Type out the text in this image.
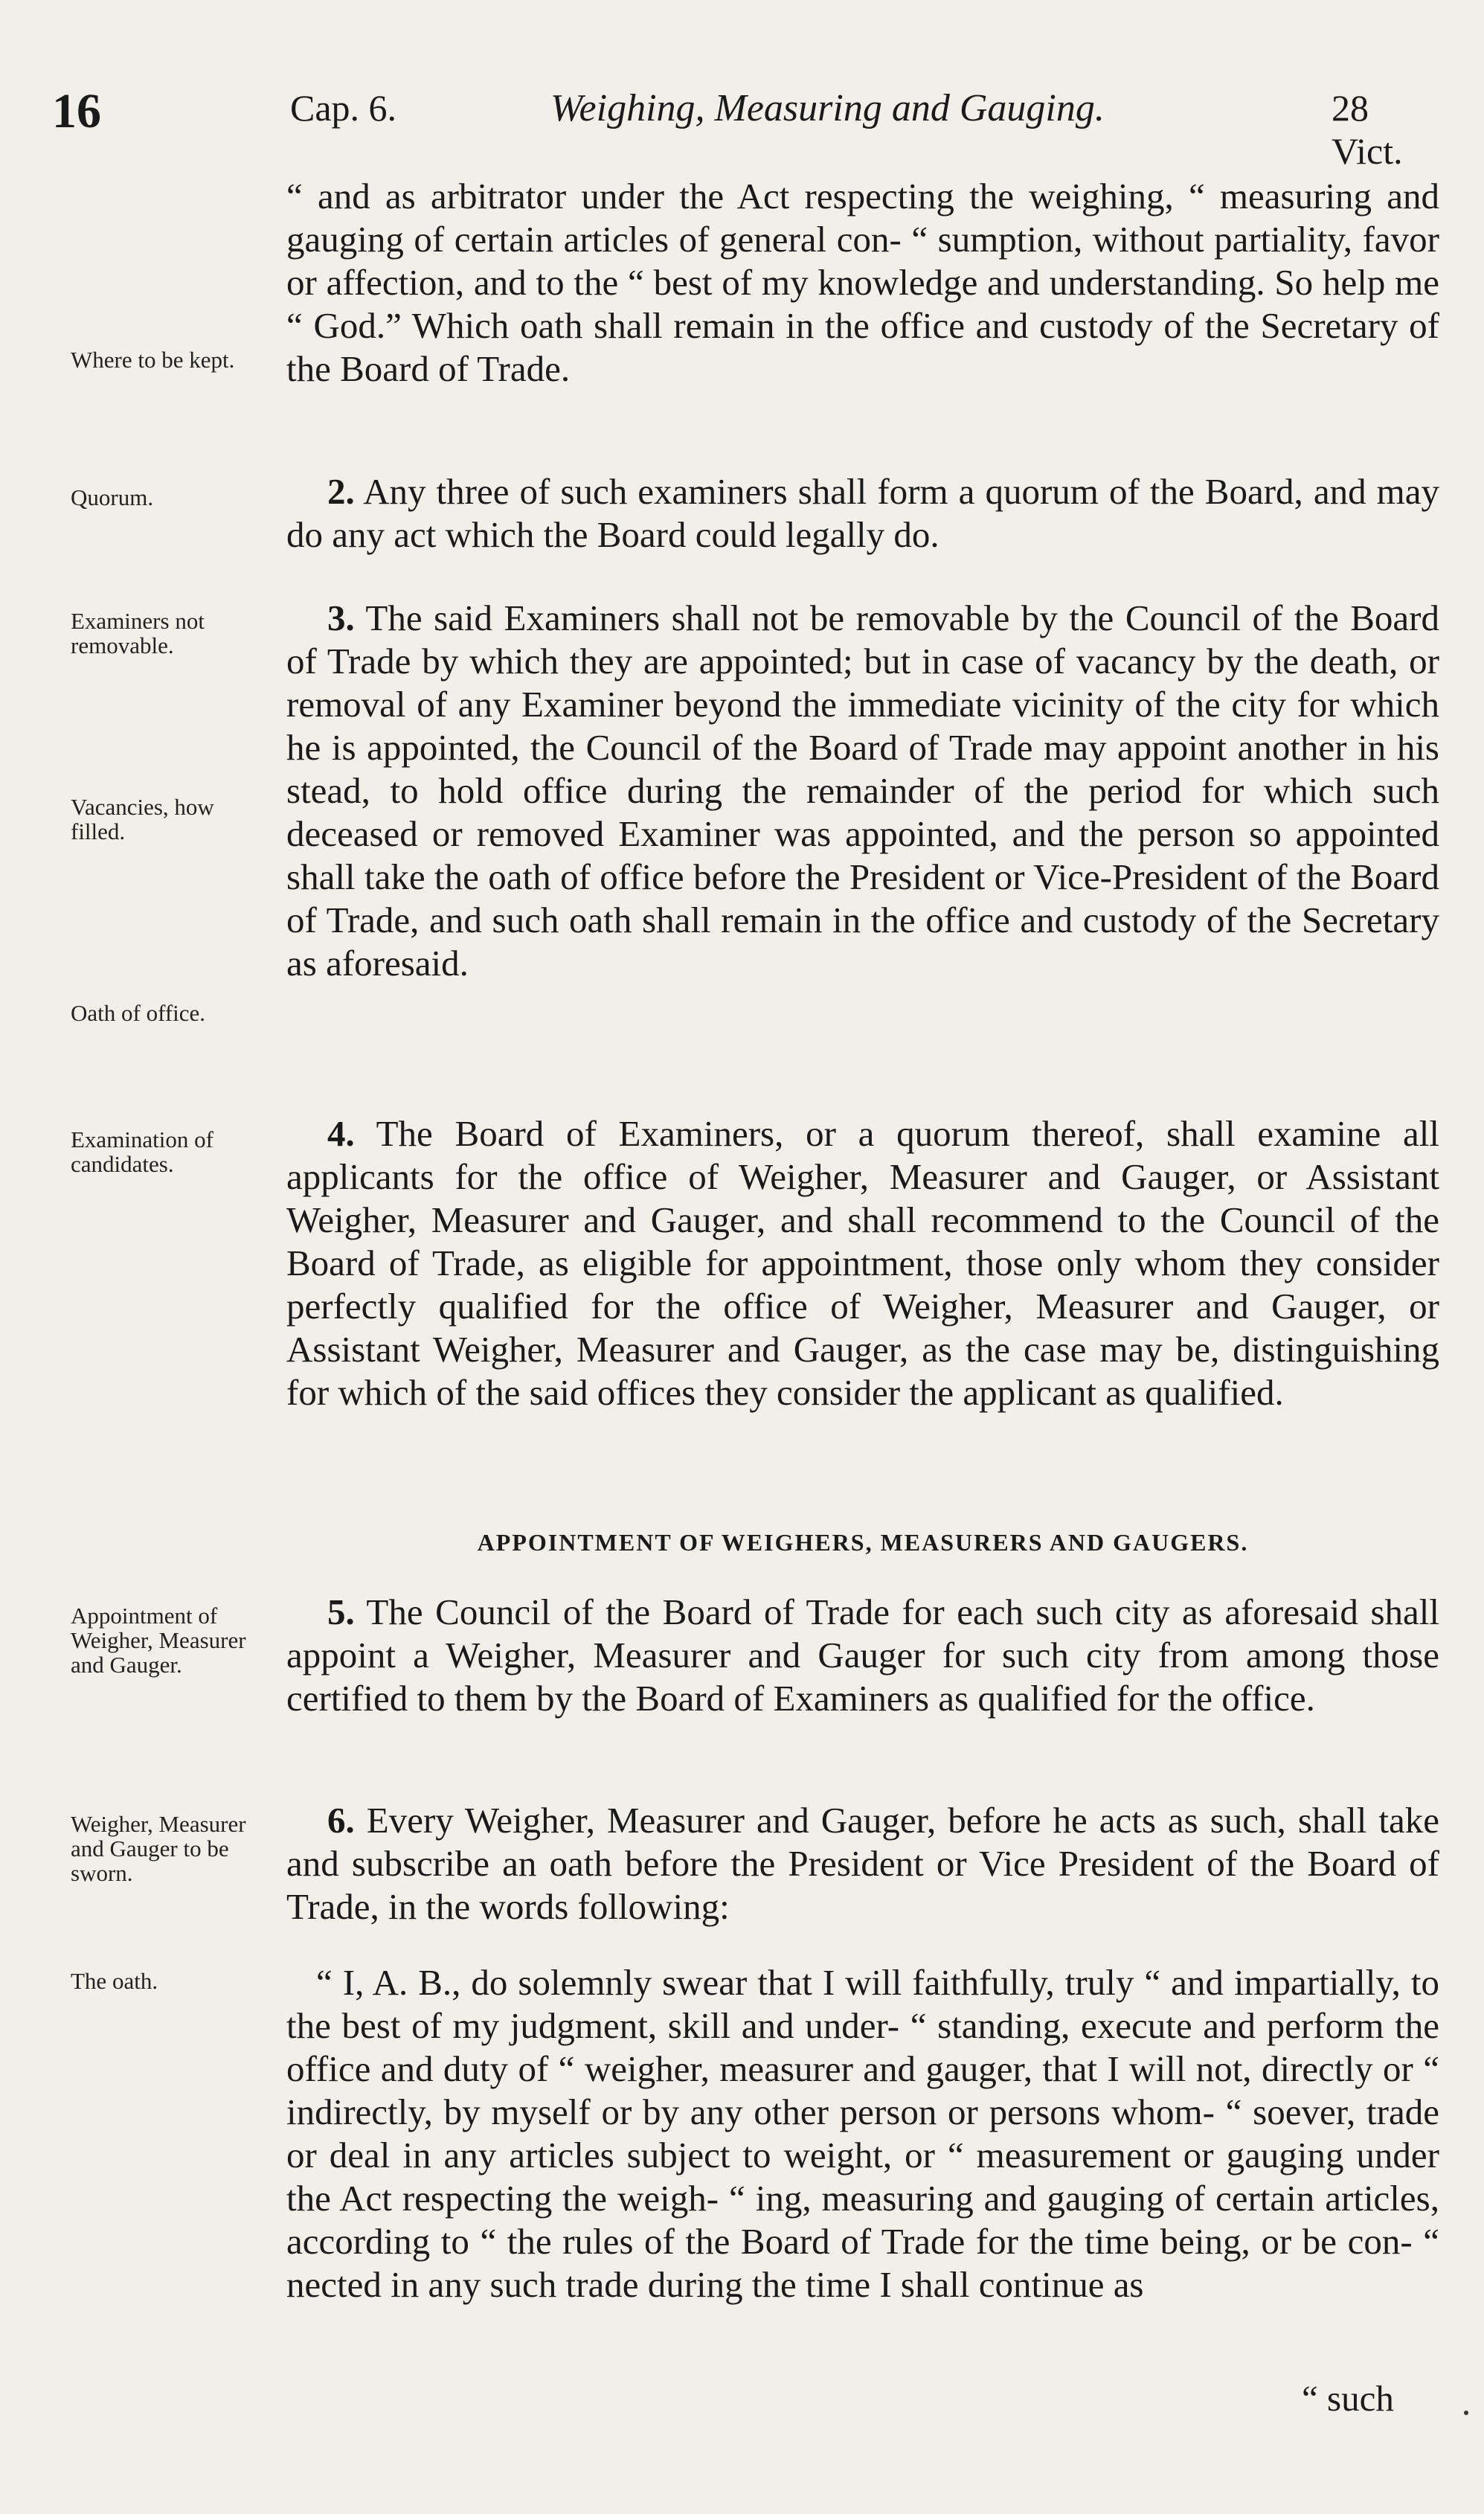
16	Cap. 6.	Weighing, Measuring and Gauging.	28 Vict.
Where to be kept.
Quorum.
Examiners not removable.
Vacancies, how filled.
Oath of office.
Examination of candidates.
Appointment of Weigher, Measurer and Gauger.
Weigher, Measurer and Gauger to be sworn.
The oath.
“ and as arbitrator under the Act respecting the weighing, “ measuring and gauging of certain articles of general con- “ sumption, without partiality, favor or affection, and to the “ best of my knowledge and understanding. So help me “ God.” Which oath shall remain in the office and custody of the Secretary of the Board of Trade.
2. Any three of such examiners shall form a quorum of the Board, and may do any act which the Board could legally do.
3. The said Examiners shall not be removable by the Council of the Board of Trade by which they are appointed; but in case of vacancy by the death, or removal of any Examiner beyond the immediate vicinity of the city for which he is appointed, the Council of the Board of Trade may appoint another in his stead, to hold office during the remainder of the period for which such deceased or removed Examiner was appointed, and the person so appointed shall take the oath of office before the President or Vice-President of the Board of Trade, and such oath shall remain in the office and custody of the Secretary as aforesaid.
4. The Board of Examiners, or a quorum thereof, shall examine all applicants for the office of Weigher, Measurer and Gauger, or Assistant Weigher, Measurer and Gauger, and shall recommend to the Council of the Board of Trade, as eligible for appointment, those only whom they consider perfectly qualified for the office of Weigher, Measurer and Gauger, or Assistant Weigher, Measurer and Gauger, as the case may be, distinguishing for which of the said offices they consider the applicant as qualified.
APPOINTMENT OF WEIGHERS, MEASURERS AND GAUGERS.
5. The Council of the Board of Trade for each such city as aforesaid shall appoint a Weigher, Measurer and Gauger for such city from among those certified to them by the Board of Examiners as qualified for the office.
6. Every Weigher, Measurer and Gauger, before he acts as such, shall take and subscribe an oath before the President or Vice President of the Board of Trade, in the words following:
“ I, A. B., do solemnly swear that I will faithfully, truly “ and impartially, to the best of my judgment, skill and under- “ standing, execute and perform the office and duty of “ weigher, measurer and gauger, that I will not, directly or “ indirectly, by myself or by any other person or persons whom- “ soever, trade or deal in any articles subject to weight, or “ measurement or gauging under the Act respecting the weigh- “ ing, measuring and gauging of certain articles, according to “ the rules of the Board of Trade for the time being, or be con- “ nected in any such trade during the time I shall continue as
“ such
